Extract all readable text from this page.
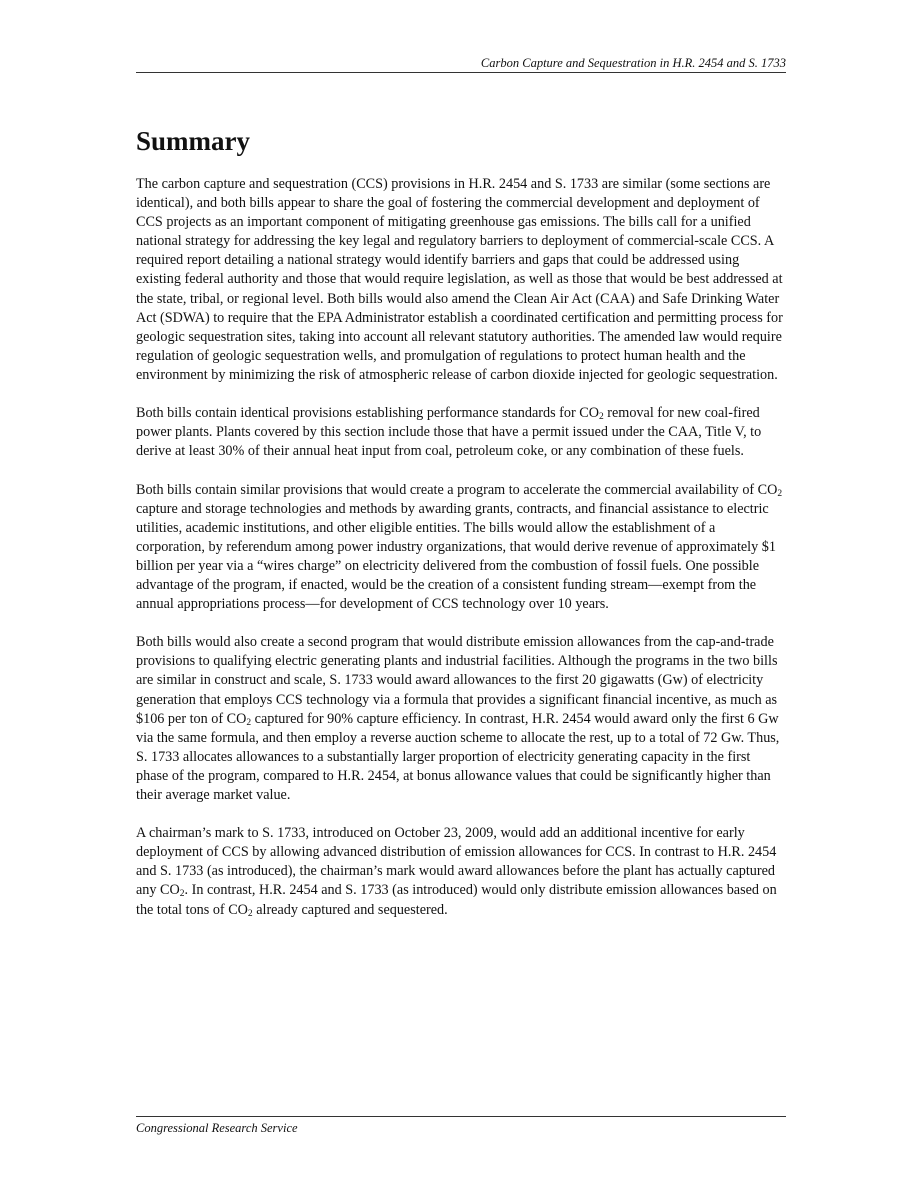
Carbon Capture and Sequestration in H.R. 2454 and S. 1733
Summary

The carbon capture and sequestration (CCS) provisions in H.R. 2454 and S. 1733 are similar (some sections are identical), and both bills appear to share the goal of fostering the commercial development and deployment of CCS projects as an important component of mitigating greenhouse gas emissions. The bills call for a unified national strategy for addressing the key legal and regulatory barriers to deployment of commercial-scale CCS. A required report detailing a national strategy would identify barriers and gaps that could be addressed using existing federal authority and those that would require legislation, as well as those that would be best addressed at the state, tribal, or regional level. Both bills would also amend the Clean Air Act (CAA) and Safe Drinking Water Act (SDWA) to require that the EPA Administrator establish a coordinated certification and permitting process for geologic sequestration sites, taking into account all relevant statutory authorities. The amended law would require regulation of geologic sequestration wells, and promulgation of regulations to protect human health and the environment by minimizing the risk of atmospheric release of carbon dioxide injected for geologic sequestration.

Both bills contain identical provisions establishing performance standards for $CO_2$ removal for new coal-fired power plants. Plants covered by this section include those that have a permit issued under the CAA, Title V, to derive at least 30% of their annual heat input from coal, petroleum coke, or any combination of these fuels.

Both bills contain similar provisions that would create a program to accelerate the commercial availability of $CO_2$ capture and storage technologies and methods by awarding grants, contracts, and financial assistance to electric utilities, academic institutions, and other eligible entities. The bills would allow the establishment of a corporation, by referendum among power industry organizations, that would derive revenue of approximately $1 billion per year via a “wires charge” on electricity delivered from the combustion of fossil fuels. One possible advantage of the program, if enacted, would be the creation of a consistent funding stream—exempt from the annual appropriations process—for development of CCS technology over 10 years.

Both bills would also create a second program that would distribute emission allowances from the cap-and-trade provisions to qualifying electric generating plants and industrial facilities. Although the programs in the two bills are similar in construct and scale, S. 1733 would award allowances to the first 20 gigawatts (Gw) of electricity generation that employs CCS technology via a formula that provides a significant financial incentive, as much as $106 per ton of $CO_2$ captured for 90% capture efficiency. In contrast, H.R. 2454 would award only the first 6 Gw via the same formula, and then employ a reverse auction scheme to allocate the rest, up to a total of 72 Gw. Thus, S. 1733 allocates allowances to a substantially larger proportion of electricity generating capacity in the first phase of the program, compared to H.R. 2454, at bonus allowance values that could be significantly higher than their average market value.

A chairman’s mark to S. 1733, introduced on October 23, 2009, would add an additional incentive for early deployment of CCS by allowing advanced distribution of emission allowances for CCS. In contrast to H.R. 2454 and S. 1733 (as introduced), the chairman’s mark would award allowances before the plant has actually captured any $CO_2$. In contrast, H.R. 2454 and S. 1733 (as introduced) would only distribute emission allowances based on the total tons of $CO_2$ already captured and sequestered.

Congressional Research Service
